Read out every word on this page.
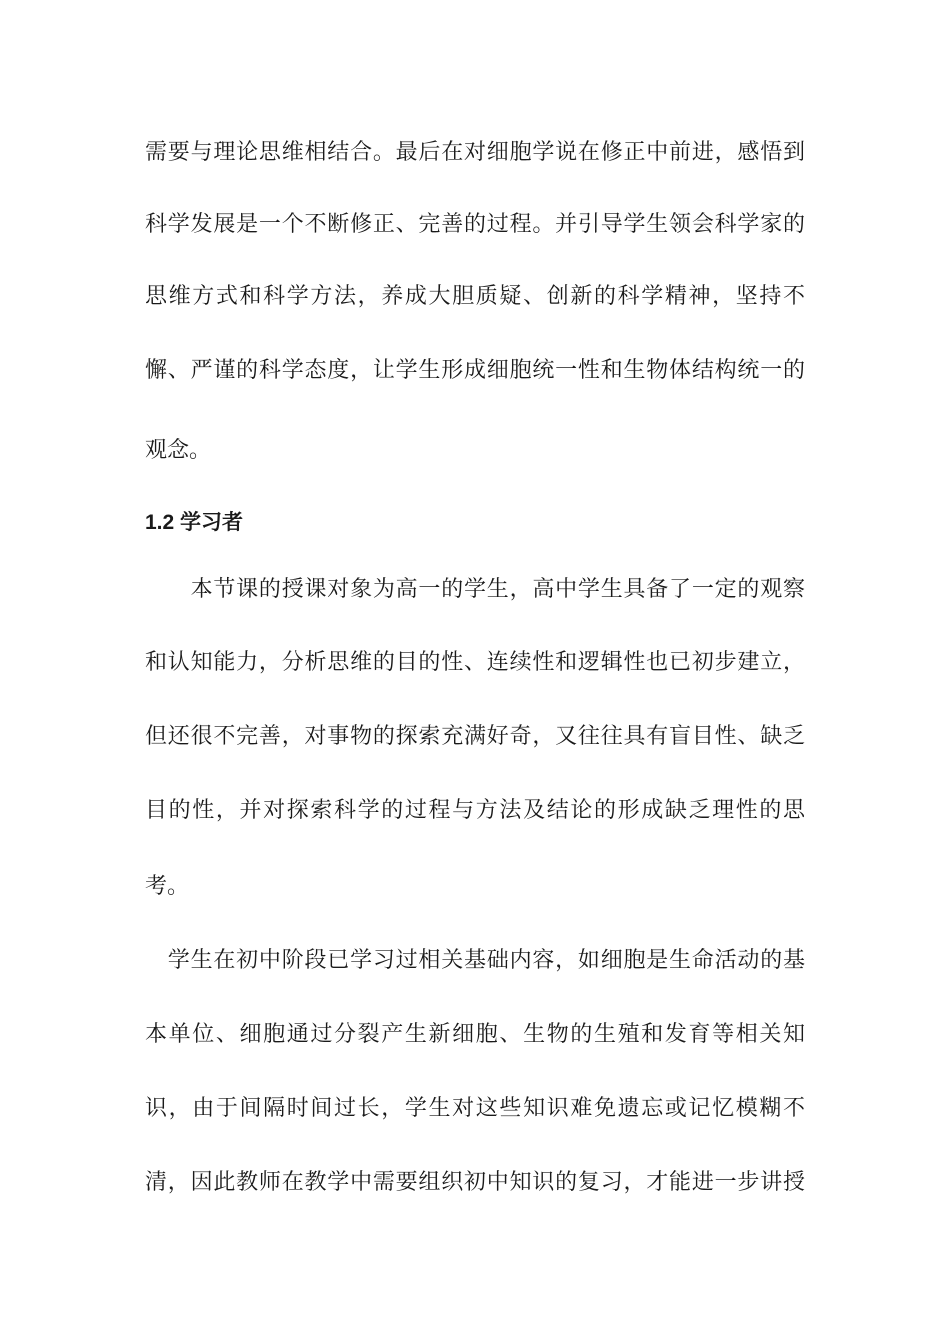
需要与理论思维相结合。最后在对细胞学说在修正中前进，感悟到
科学发展是一个不断修正、完善的过程。并引导学生领会科学家的
思维方式和科学方法，养成大胆质疑、创新的科学精神，坚持不
懈、严谨的科学态度，让学生形成细胞统一性和生物体结构统一的
观念。
1.2 学习者
　　本节课的授课对象为高一的学生，高中学生具备了一定的观察
和认知能力，分析思维的目的性、连续性和逻辑性也已初步建立，
但还很不完善，对事物的探索充满好奇，又往往具有盲目性、缺乏
目的性，并对探索科学的过程与方法及结论的形成缺乏理性的思
考。
　学生在初中阶段已学习过相关基础内容，如细胞是生命活动的基
本单位、细胞通过分裂产生新细胞、生物的生殖和发育等相关知
识，由于间隔时间过长，学生对这些知识难免遗忘或记忆模糊不
清，因此教师在教学中需要组织初中知识的复习，才能进一步讲授
